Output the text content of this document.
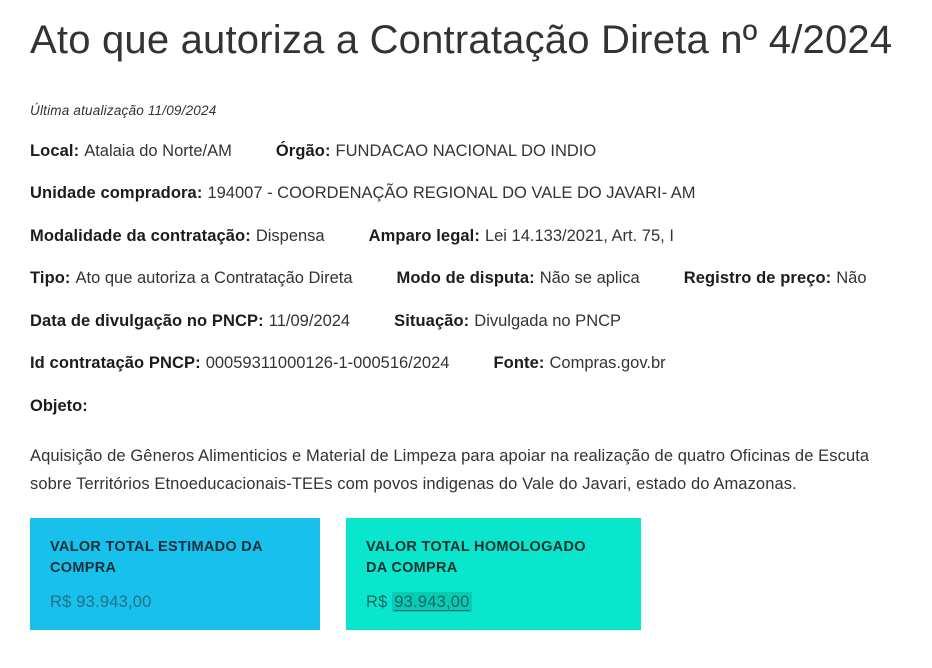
Ato que autoriza a Contratação Direta nº 4/2024
Última atualização 11/09/2024
Local: Atalaia do Norte/AM	Órgão: FUNDACAO NACIONAL DO INDIO
Unidade compradora: 194007 - COORDENAÇÃO REGIONAL DO VALE DO JAVARI- AM
Modalidade da contratação: Dispensa	Amparo legal: Lei 14.133/2021, Art. 75, I
Tipo: Ato que autoriza a Contratação Direta	Modo de disputa: Não se aplica	Registro de preço: Não
Data de divulgação no PNCP: 11/09/2024	Situação: Divulgada no PNCP
Id contratação PNCP: 00059311000126-1-000516/2024	Fonte: Compras.gov.br
Objeto:

Aquisição de Gêneros Alimenticios e Material de Limpeza para apoiar na realização de quatro Oficinas de Escuta sobre Territórios Etnoeducacionais-TEEs com povos indigenas do Vale do Javari, estado do Amazonas.

VALOR TOTAL ESTIMADO DA COMPRA
R$ 93.943,00
VALOR TOTAL HOMOLOGADO DA COMPRA
R$ 93.943,00
